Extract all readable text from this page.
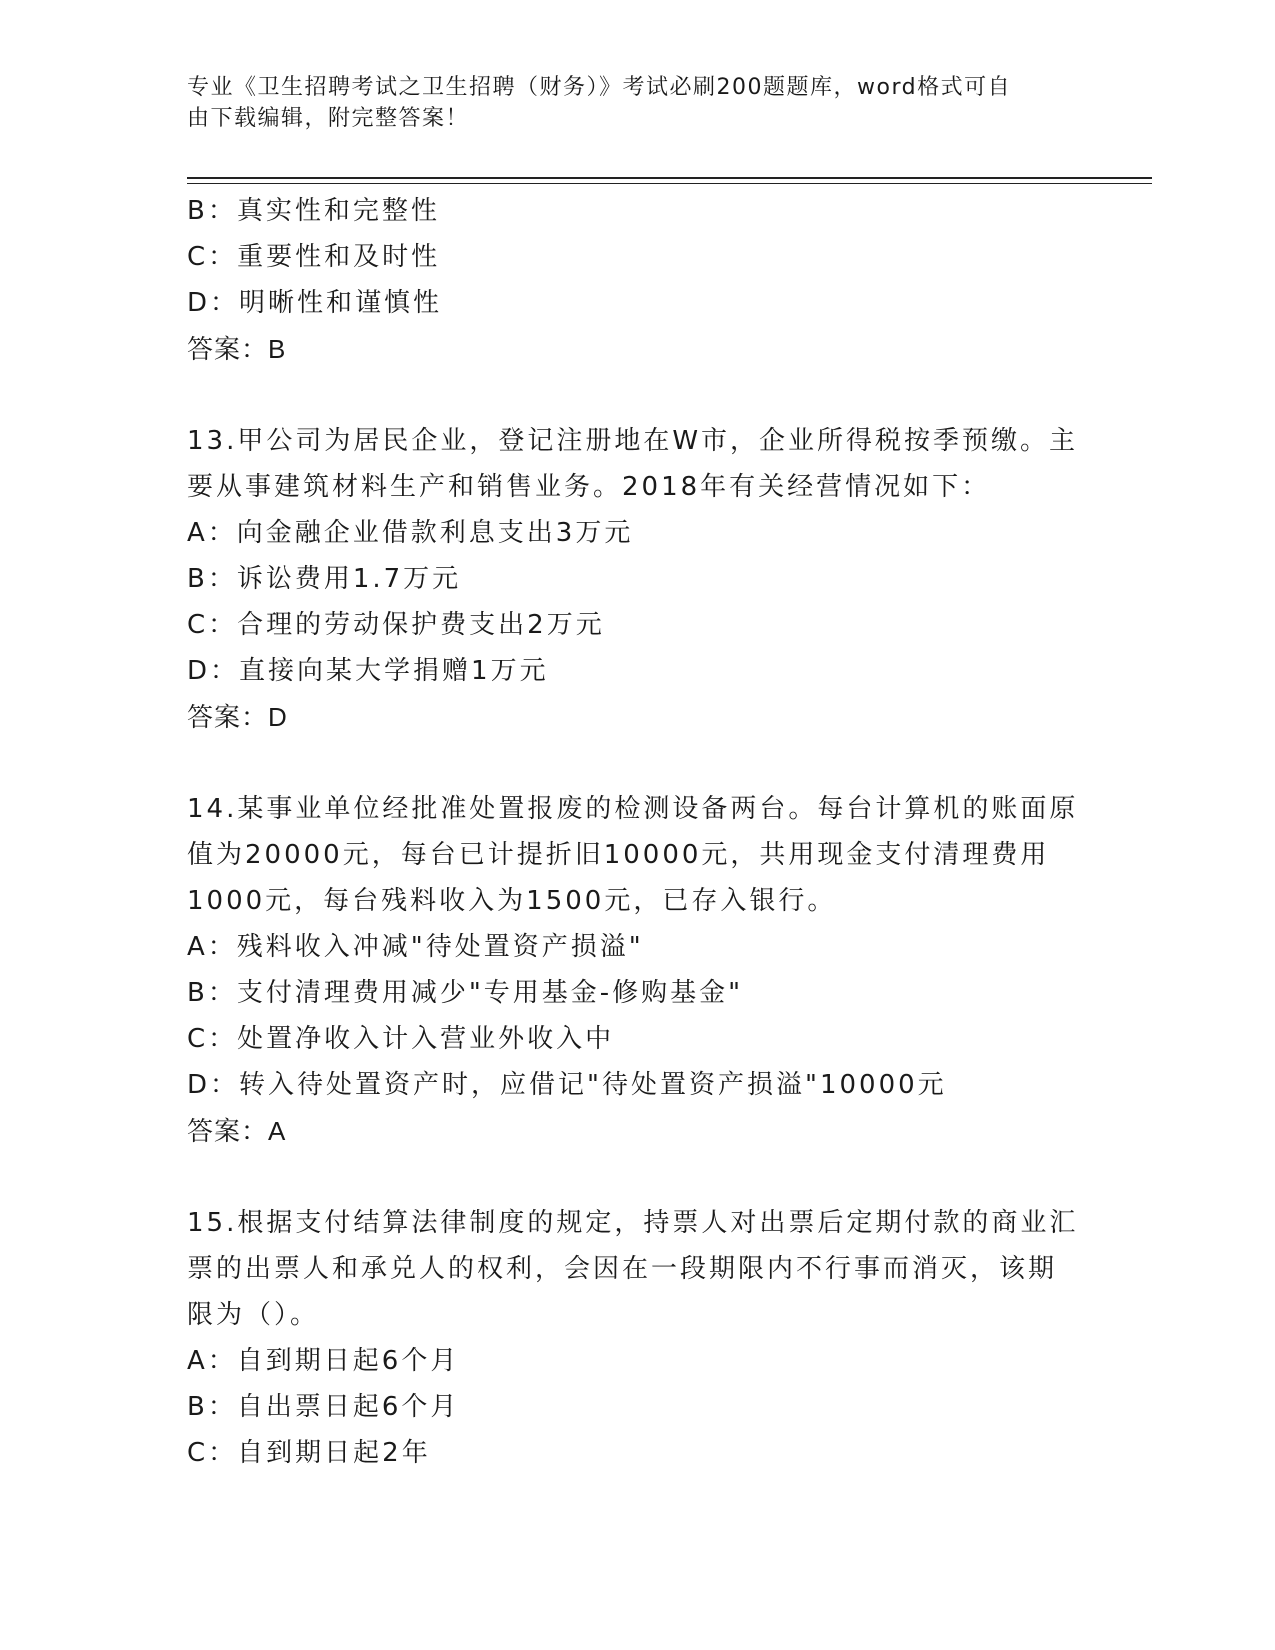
专业《卫生招聘考试之卫生招聘（财务）》考试必刷200题题库，word格式可自
由下载编辑，附完整答案！
B：真实性和完整性
C：重要性和及时性
D：明晰性和谨慎性
答案：B
13.甲公司为居民企业，登记注册地在W市，企业所得税按季预缴。主
要从事建筑材料生产和销售业务。2018年有关经营情况如下：
A：向金融企业借款利息支出3万元
B：诉讼费用1.7万元
C：合理的劳动保护费支出2万元
D：直接向某大学捐赠1万元
答案：D
14.某事业单位经批准处置报废的检测设备两台。每台计算机的账面原
值为20000元，每台已计提折旧10000元，共用现金支付清理费用
1000元，每台残料收入为1500元，已存入银行。
A：残料收入冲减"待处置资产损溢"
B：支付清理费用减少"专用基金-修购基金"
C：处置净收入计入营业外收入中
D：转入待处置资产时，应借记"待处置资产损溢"10000元
答案：A
15.根据支付结算法律制度的规定，持票人对出票后定期付款的商业汇
票的出票人和承兑人的权利，会因在一段期限内不行事而消灭，该期
限为（）。
A：自到期日起6个月
B：自出票日起6个月
C：自到期日起2年
